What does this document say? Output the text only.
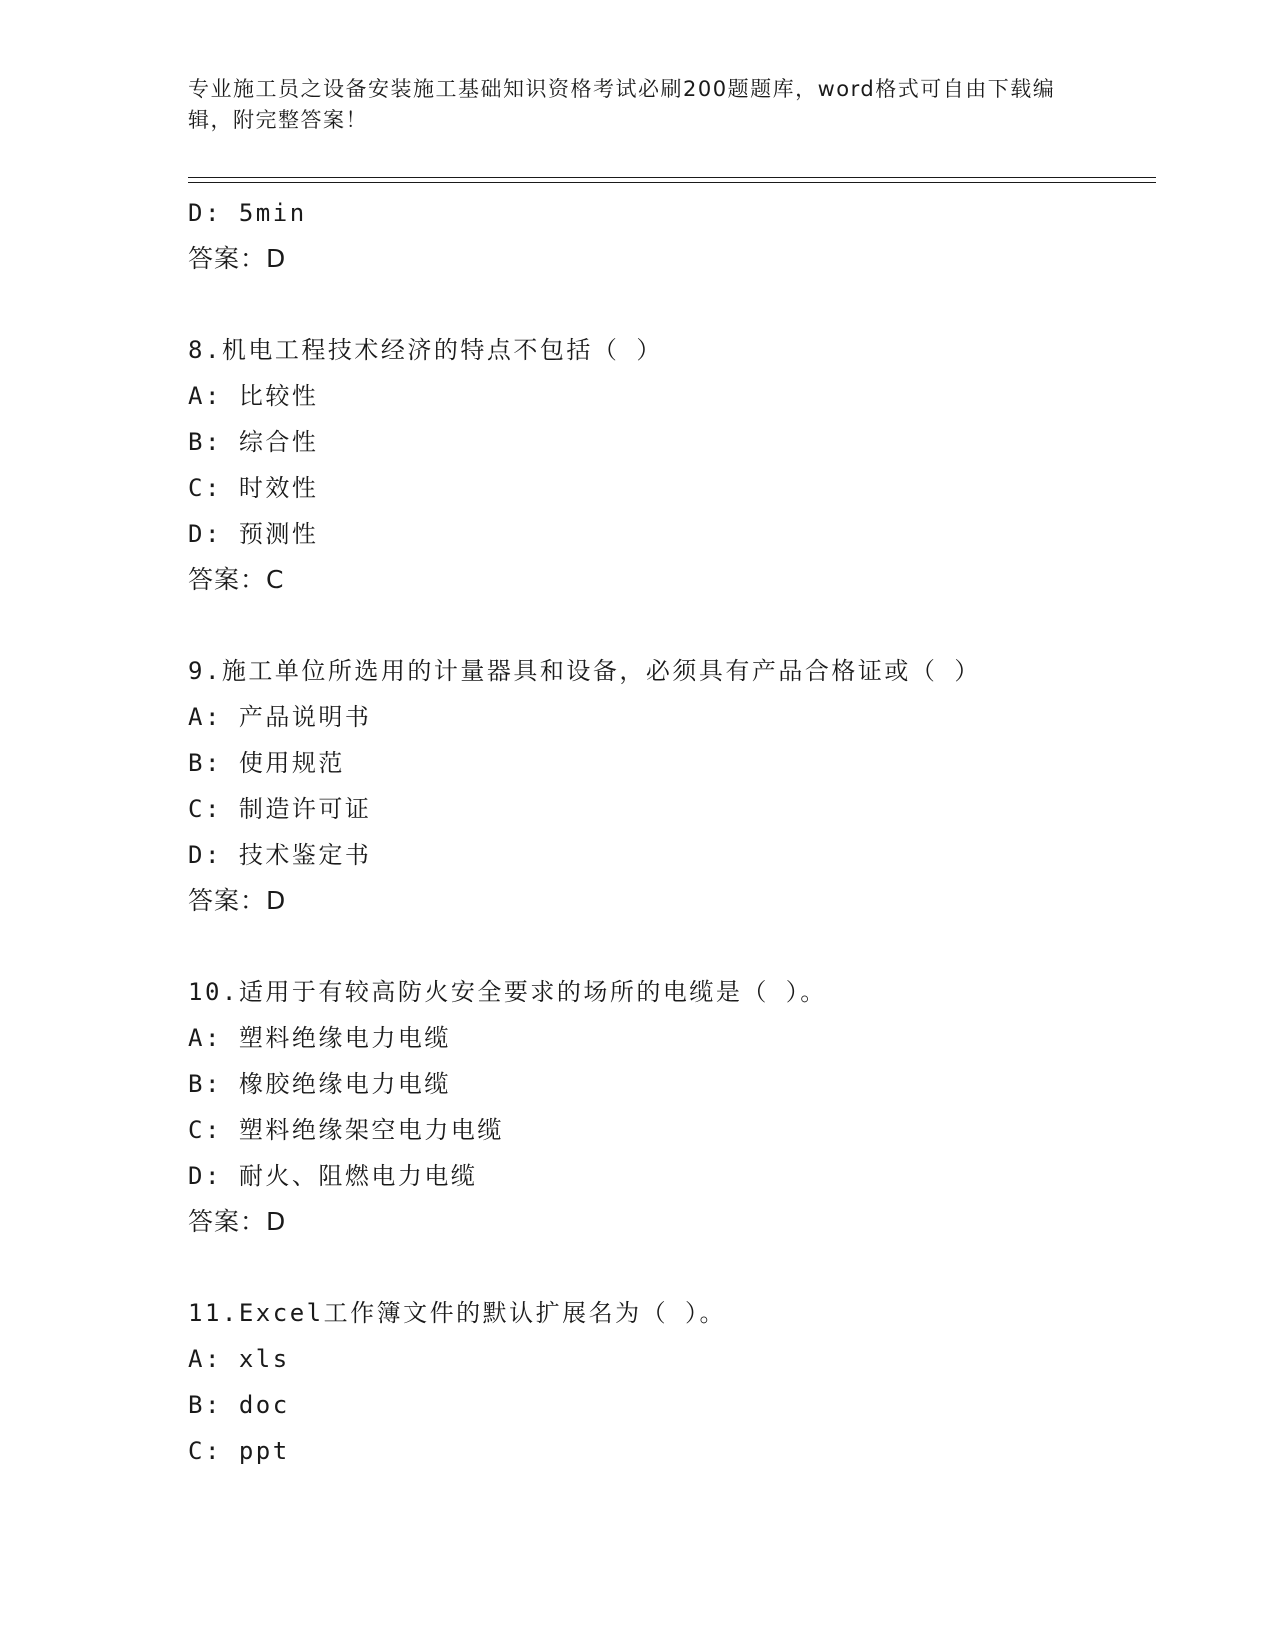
专业施工员之设备安装施工基础知识资格考试必刷200题题库，word格式可自由下载编辑，附完整答案！
D: 5min
答案：D
8.机电工程技术经济的特点不包括（ ）
A: 比较性
B: 综合性
C: 时效性
D: 预测性
答案：C
9.施工单位所选用的计量器具和设备，必须具有产品合格证或（ ）
A: 产品说明书
B: 使用规范
C: 制造许可证
D: 技术鉴定书
答案：D
10.适用于有较高防火安全要求的场所的电缆是（ ）。
A: 塑料绝缘电力电缆
B: 橡胶绝缘电力电缆
C: 塑料绝缘架空电力电缆
D: 耐火、阻燃电力电缆
答案：D
11.Excel工作簿文件的默认扩展名为（ ）。
A: xls
B: doc
C: ppt
